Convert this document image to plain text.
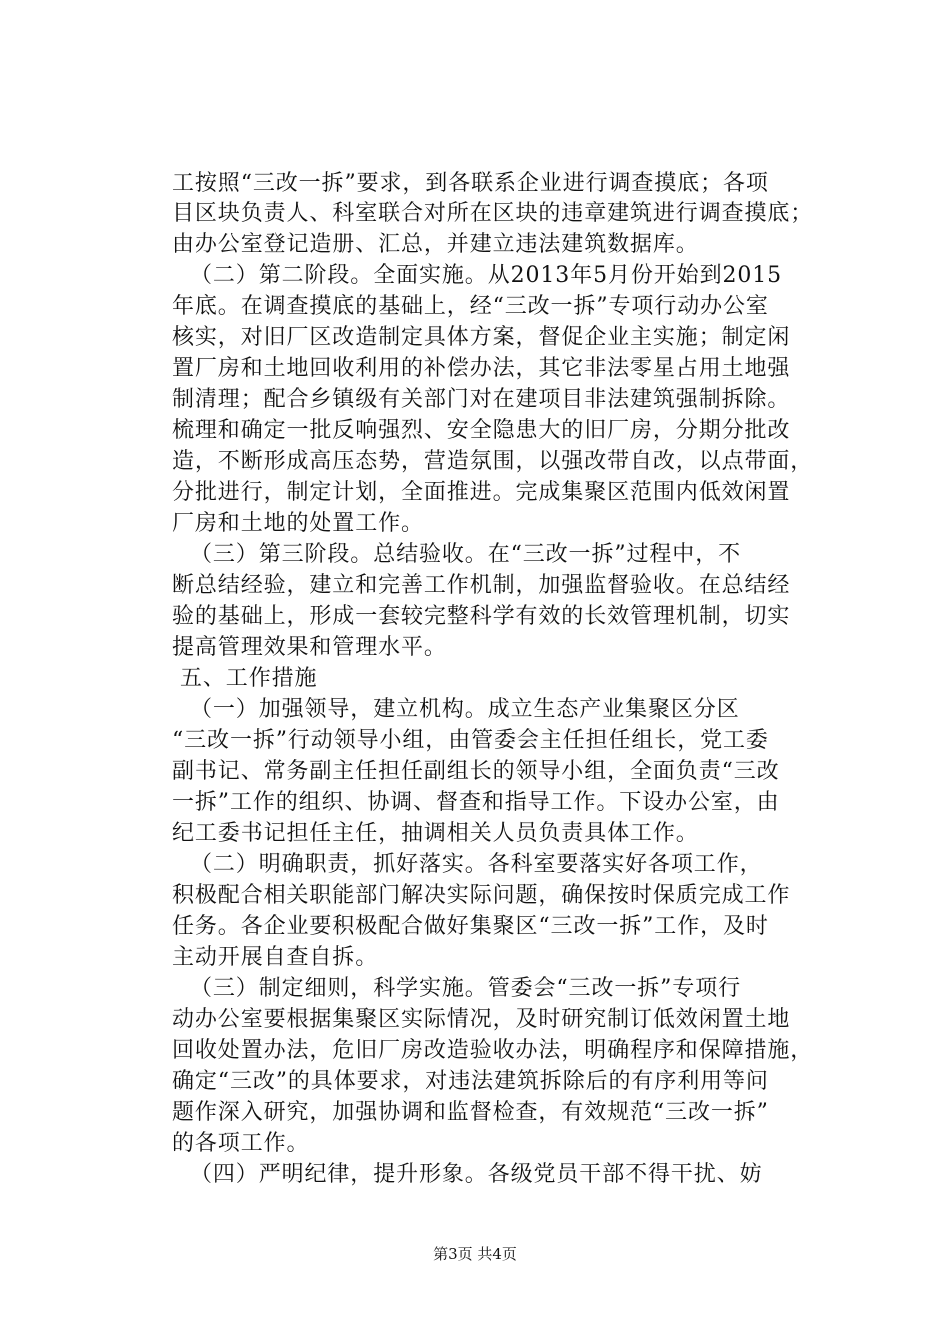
工按照“三改一拆”要求，到各联系企业进行调查摸底；各项
目区块负责人、科室联合对所在区块的违章建筑进行调查摸底；
由办公室登记造册、汇总，并建立违法建筑数据库。
（二）第二阶段。全面实施。从2013年5月份开始到2015
年底。在调查摸底的基础上，经“三改一拆”专项行动办公室
核实，对旧厂区改造制定具体方案，督促企业主实施；制定闲
置厂房和土地回收利用的补偿办法，其它非法零星占用土地强
制清理；配合乡镇级有关部门对在建项目非法建筑强制拆除。
梳理和确定一批反响强烈、安全隐患大的旧厂房，分期分批改
造，不断形成高压态势，营造氛围，以强改带自改，以点带面，
分批进行，制定计划，全面推进。完成集聚区范围内低效闲置
厂房和土地的处置工作。
（三）第三阶段。总结验收。在“三改一拆”过程中，不
断总结经验，建立和完善工作机制，加强监督验收。在总结经
验的基础上，形成一套较完整科学有效的长效管理机制，切实
提高管理效果和管理水平。
五、工作措施
（一）加强领导，建立机构。成立生态产业集聚区分区
“三改一拆”行动领导小组，由管委会主任担任组长，党工委
副书记、常务副主任担任副组长的领导小组，全面负责“三改
一拆”工作的组织、协调、督查和指导工作。下设办公室，由
纪工委书记担任主任，抽调相关人员负责具体工作。
（二）明确职责，抓好落实。各科室要落实好各项工作，
积极配合相关职能部门解决实际问题，确保按时保质完成工作
任务。各企业要积极配合做好集聚区“三改一拆”工作，及时
主动开展自查自拆。
（三）制定细则，科学实施。管委会“三改一拆”专项行
动办公室要根据集聚区实际情况，及时研究制订低效闲置土地
回收处置办法，危旧厂房改造验收办法，明确程序和保障措施，
确定“三改”的具体要求，对违法建筑拆除后的有序利用等问
题作深入研究，加强协调和监督检查，有效规范“三改一拆”
的各项工作。
（四）严明纪律，提升形象。各级党员干部不得干扰、妨
第3页 共4页
